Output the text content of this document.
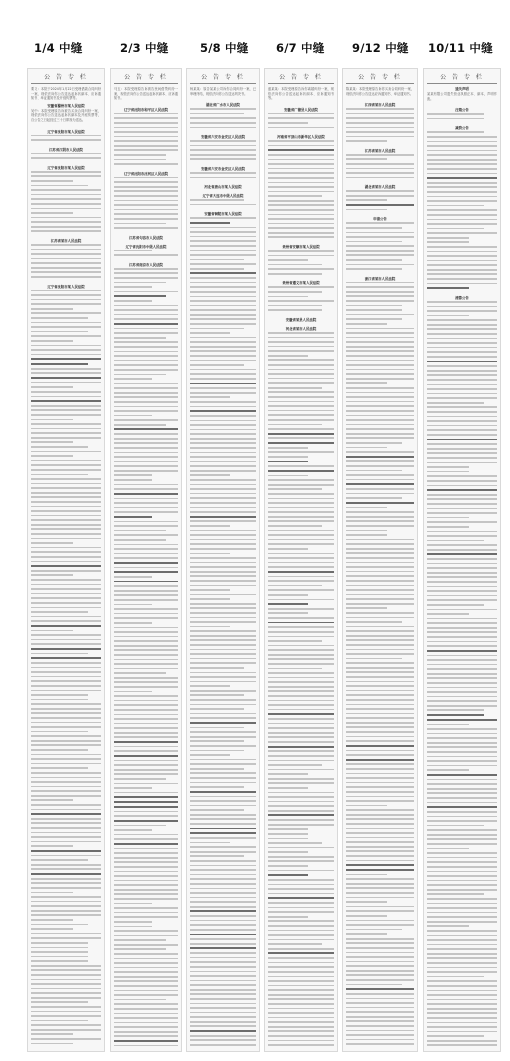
1/4 中缝	2/3 中缝	5/8 中缝 6/7 中缝 9/12 中缝 10/11 中缝
公 告 专 栏
要义：本院于2024年1月22日受理借款合同纠纷一案，现依法向你公告送达起诉状副本、应诉通知书、举证通知书及开庭传票等。
安徽省滁州市某人民法院
吴中：本院受理原告诉被告买卖合同纠纷一案，现依法向你公告送达起诉状副本及开庭传票等，自公告之日起经过三十日即视为送达。
辽宁省沈阳市某人民法院
江苏省江阴市人民法院
辽宁省沈阳市某人民法院
江苏省某市人民法院
辽宁省沈阳市某人民法院
公 告 专 栏
马五：本院受理原告诉被告民间借贷纠纷一案，现依法向你公告送达起诉状副本、应诉通知书。
辽宁省沈阳市和平区人民法院
辽宁省沈阳市沈河区人民法院
江苏省句容市人民法院
辽宁省沈阳市中级人民法院
江苏省南京市人民法院
公 告 专 栏
杨某某：原告某某公司诉你合同纠纷一案，已审理终结，现依法向你公告送达判决书。
湖北省广水市人民法院
安徽省六安市金安区人民法院
安徽省六安市金安区人民法院
河北省唐山市某人民法院
辽宁省大连市中级人民法院
安徽省铜陵市某人民法院
公 告 专 栏
盛某某：本院受理原告诉你离婚纠纷一案，现依法向你公告送达起诉状副本、应诉通知书等。
安徽省广德县人民法院
河南省平顶山市新华区人民法院
贵州省安顺市某人民法院
贵州省遵义市某人民法院
安徽省某县人民法院
河北省某市人民法院
公 告 专 栏
陈某某：本院受理原告诉你买卖合同纠纷一案，现依法向你公告送达应诉通知书、举证通知书。
江西省某市人民法院
江苏省某市人民法院
湖北省某市人民法院
申请公告
浙江省某市人民法院
公 告 专 栏
遗失声明
某某有限公司遗失营业执照正本、副本，声明作废。
注销公告
减资公告
清算公告
